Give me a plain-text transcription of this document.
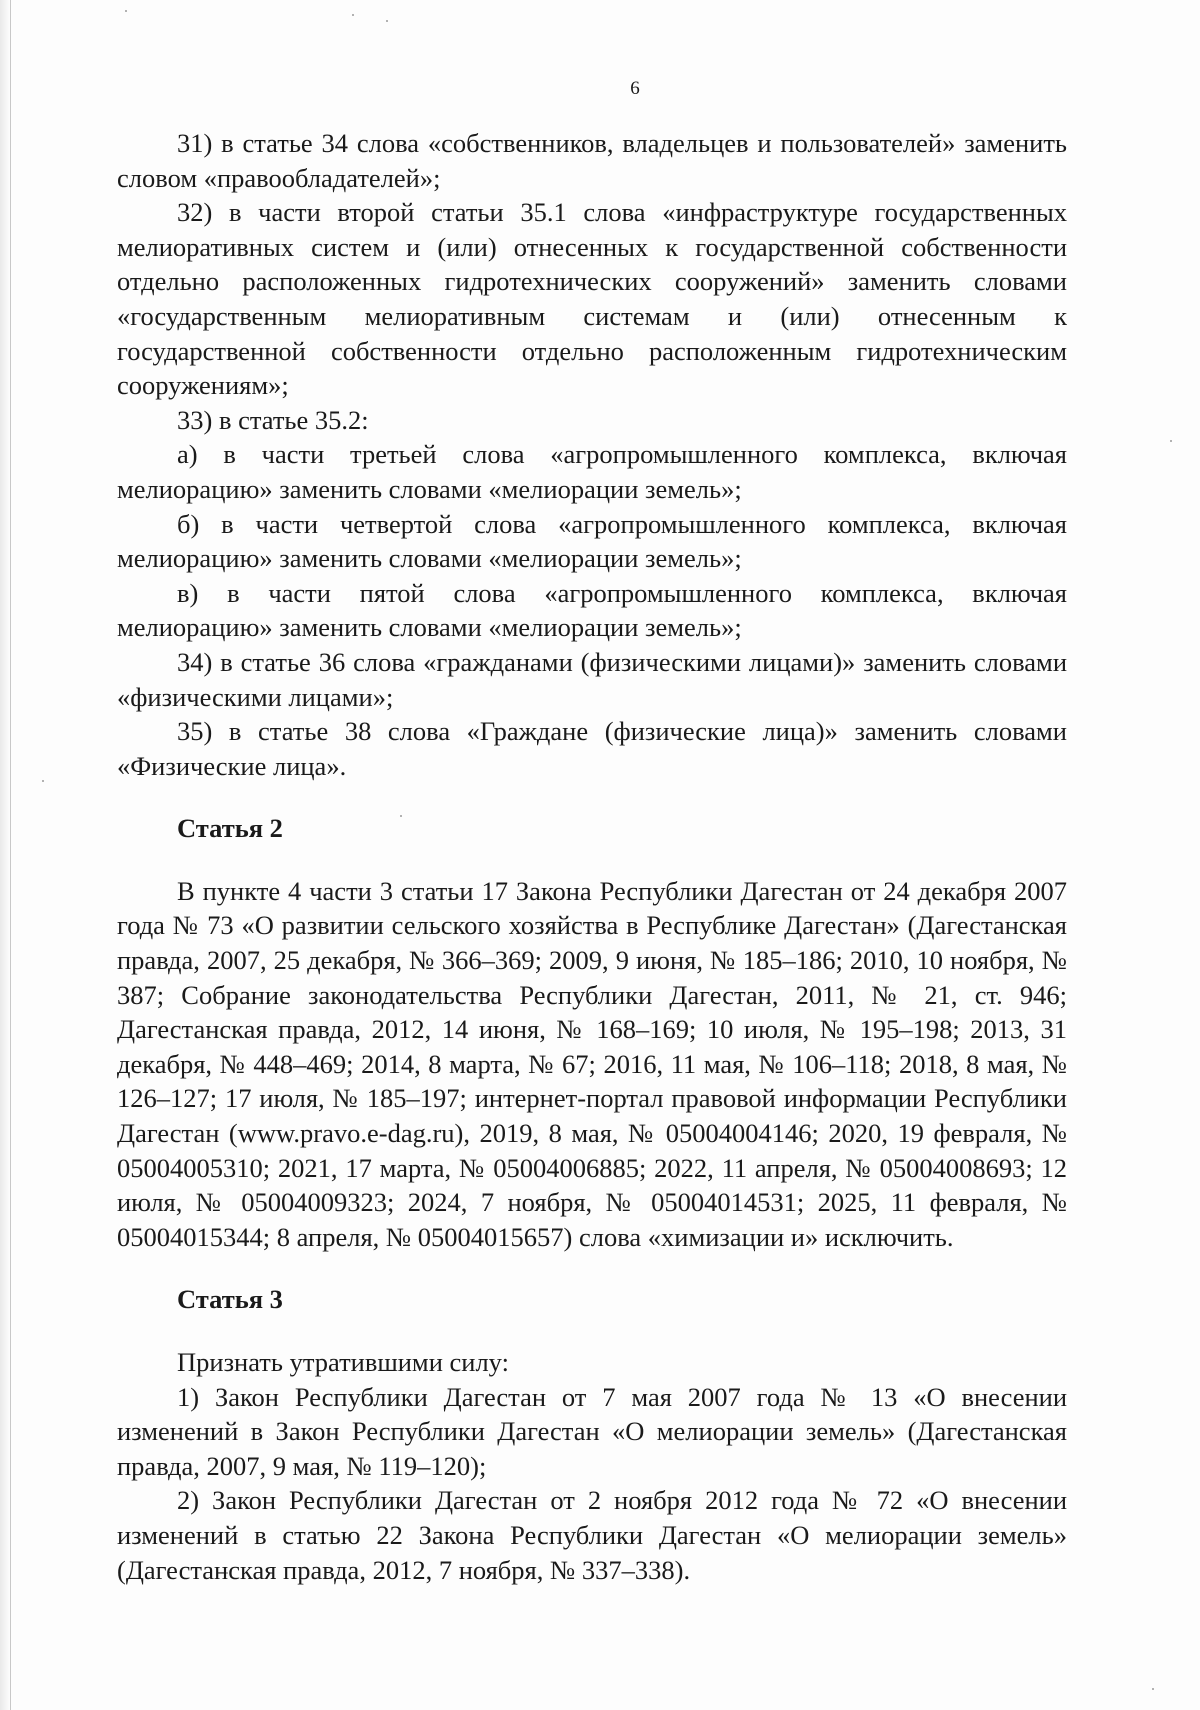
6

31) в статье 34 слова «собственников, владельцев и пользователей» заменить словом «правообладателей»;

32) в части второй статьи 35.1 слова «инфраструктуре государственных мелиоративных систем и (или) отнесенных к государственной собственности отдельно расположенных гидротехнических сооружений» заменить словами «государственным мелиоративным системам и (или) отнесенным к государственной собственности отдельно расположенным гидротехническим сооружениям»;

33) в статье 35.2:

а) в части третьей слова «агропромышленного комплекса, включая мелиорацию» заменить словами «мелиорации земель»;

б) в части четвертой слова «агропромышленного комплекса, включая мелиорацию» заменить словами «мелиорации земель»;

в) в части пятой слова «агропромышленного комплекса, включая мелиорацию» заменить словами «мелиорации земель»;

34) в статье 36 слова «гражданами (физическими лицами)» заменить словами «физическими лицами»;

35) в статье 38 слова «Граждане (физические лица)» заменить словами «Физические лица».

Статья 2

В пункте 4 части 3 статьи 17 Закона Республики Дагестан от 24 декабря 2007 года № 73 «О развитии сельского хозяйства в Республике Дагестан» (Дагестанская правда, 2007, 25 декабря, № 366–369; 2009, 9 июня, № 185–186; 2010, 10 ноября, № 387; Собрание законодательства Республики Дагестан, 2011, № 21, ст. 946; Дагестанская правда, 2012, 14 июня, № 168–169; 10 июля, № 195–198; 2013, 31 декабря, № 448–469; 2014, 8 марта, № 67; 2016, 11 мая, № 106–118; 2018, 8 мая, № 126–127; 17 июля, № 185–197; интернет-портал правовой информации Республики Дагестан (www.pravo.e-dag.ru), 2019, 8 мая, № 05004004146; 2020, 19 февраля, № 05004005310; 2021, 17 марта, № 05004006885; 2022, 11 апреля, № 05004008693; 12 июля, № 05004009323; 2024, 7 ноября, № 05004014531; 2025, 11 февраля, № 05004015344; 8 апреля, № 05004015657) слова «химизации и» исключить.

Статья 3

Признать утратившими силу:

1) Закон Республики Дагестан от 7 мая 2007 года № 13 «О внесении изменений в Закон Республики Дагестан «О мелиорации земель» (Дагестанская правда, 2007, 9 мая, № 119–120);

2) Закон Республики Дагестан от 2 ноября 2012 года № 72 «О внесении изменений в статью 22 Закона Республики Дагестан «О мелиорации земель» (Дагестанская правда, 2012, 7 ноября, № 337–338).
